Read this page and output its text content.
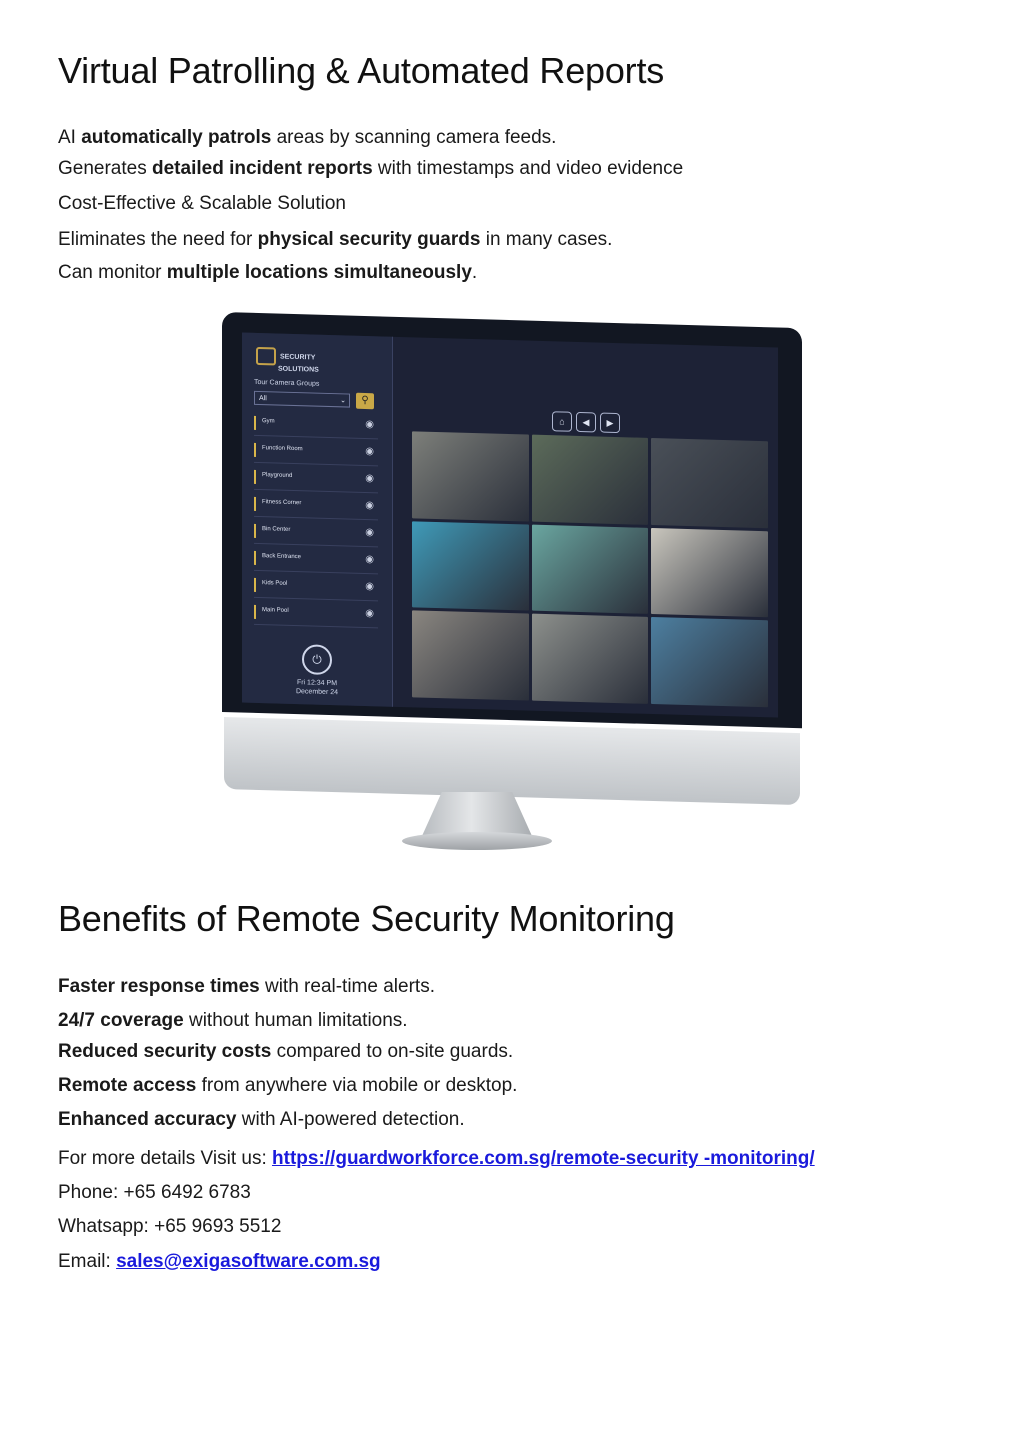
Virtual Patrolling & Automated Reports
AI automatically patrols areas by scanning camera feeds.
Generates detailed incident reports with timestamps and video evidence
Cost-Effective & Scalable Solution
Eliminates the need for physical security guards in many cases.
Can monitor multiple locations simultaneously.
SECURITY
SOLUTIONS
Tour Camera Groups
All	⌄	⚲
Gym	◉
Function Room	◉
Playground	◉
Fitness Corner	◉
Bin Center	◉
Back Entrance	◉
Kids Pool	◉
Main Pool	◉
⏻
Fri 12:34 PM
December 24
⌂ ◀ ▶
Benefits of Remote Security Monitoring
Faster response times with real-time alerts.
24/7 coverage without human limitations.
Reduced security costs compared to on-site guards.
Remote access from anywhere via mobile or desktop.
Enhanced accuracy with AI-powered detection.
For more details Visit us: https://guardworkforce.com.sg/remote-security -monitoring/
Phone: +65 6492 6783
Whatsapp: +65 9693 5512
Email: sales@exigasoftware.com.sg
